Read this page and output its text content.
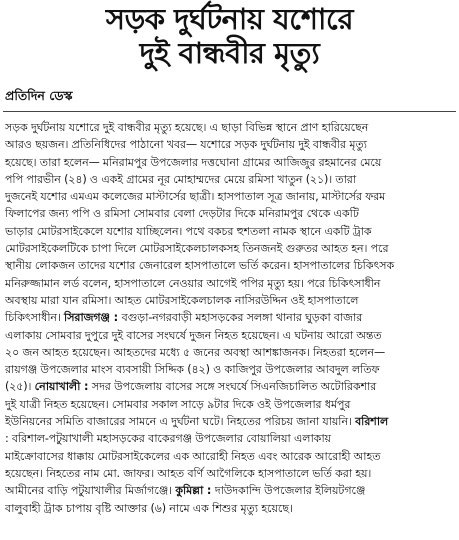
সড়ক দুর্ঘটনায় যশোরে
দুই বান্ধবীর মৃত্যু
প্রতিদিন ডেস্ক
সড়ক দুর্ঘটনায় যশোরে দুই বান্ধবীর মৃত্যু হয়েছে। এ ছাড়া বিভিন্ন স্থানে প্রাণ হারিয়েছেন
আরও ছয়জন। প্রতিনিধিদের পাঠানো খবর— যশোরে সড়ক দুর্ঘটনায় দুই বান্ধবীর মৃত্যু
হয়েছে। তারা হলেন— মনিরামপুর উপজেলার দত্তঘোনা গ্রামের আজিজুর রহমানের মেয়ে
পপি পারভীন (২৪) ও একই গ্রামের নূর মোহাম্মদের মেয়ে রমিসা খাতুন (২১)। তারা
দুজনেই যশোর এমএম কলেজের মাস্টার্সের ছাত্রী। হাসপাতাল সূত্র জানায়, মাস্টার্সের ফরম
ফিলাপের জন্য পপি ও রমিসা সোমবার বেলা দেড়টার দিকে মনিরামপুর থেকে একটি
ভাড়ার মোটরসাইকেলে যশোর যাচ্ছিলেন। পথে বকচর হুশতলা নামক স্থানে একটি ট্রাক
মোটরসাইকেলটিকে চাপা দিলে মোটরসাইকেলচালকসহ তিনজনই গুরুতর আহত হন। পরে
স্থানীয় লোকজন তাদের যশোর জেনারেল হাসপাতালে ভর্তি করেন। হাসপাতালের চিকিৎসক
মনিরুজ্জামান লর্ড বলেন, হাসপাতালে নেওয়ার আগেই পপির মৃত্যু হয়। পরে চিকিৎসাধীন
অবস্থায় মারা যান রমিসা। আহত মোটরসাইকেলচালক নাসিরউদ্দিন ওই হাসপাতালে
চিকিৎসাধীন। সিরাজগঞ্জ : বগুড়া-নগরবাড়ী মহাসড়কের সলঙ্গা থানার ঘুড়কা বাজার
এলাকায় সোমবার দুপুরে দুই বাসের সংঘর্ষে দুজন নিহত হয়েছেন। এ ঘটনায় আরো অন্তত
২০ জন আহত হয়েছেন। আহতদের মধ্যে ৫ জনের অবস্থা আশঙ্কাজনক। নিহতরা হলেন—
রায়গঞ্জ উপজেলার মাংস ব্যবসায়ী সিদ্দিক (৪২) ও কাজিপুর উপজেলার আবদুল লতিফ
(২৫)। নোয়াখালী : সদর উপজেলায় বাসের সঙ্গে সংঘর্ষে সিএনজিচালিত অটোরিকশার
দুই যাত্রী নিহত হয়েছেন। সোমবার সকাল সাড়ে ৯টার দিকে ওই উপজেলার ধর্মপুর
ইউনিয়নের সমিতি বাজারের সামনে এ দুর্ঘটনা ঘটে। নিহতের পরিচয় জানা যায়নি। বরিশাল
: বরিশাল-পটুয়াখালী মহাসড়কের বাকেরগঞ্জ উপজেলার বোয়ালিয়া এলাকায়
মাইক্রোবাসের ধাক্কায় মোটরসাইকেলের এক আরোহী নিহত এবং আরেক আরোহী আহত
হয়েছেন। নিহতের নাম মো. জাফর। আহত বর্ণি আগৈলিকে হাসপাতালে ভর্তি করা হয়।
আমীনের বাড়ি পটুয়াখালীর মির্জাগঞ্জে। কুমিল্লা : দাউদকান্দি উপজেলার ইলিয়টগঞ্জে
বালুবাহী ট্রাক চাপায় বৃষ্টি আক্তার (৬) নামে এক শিশুর মৃত্যু হয়েছে।
